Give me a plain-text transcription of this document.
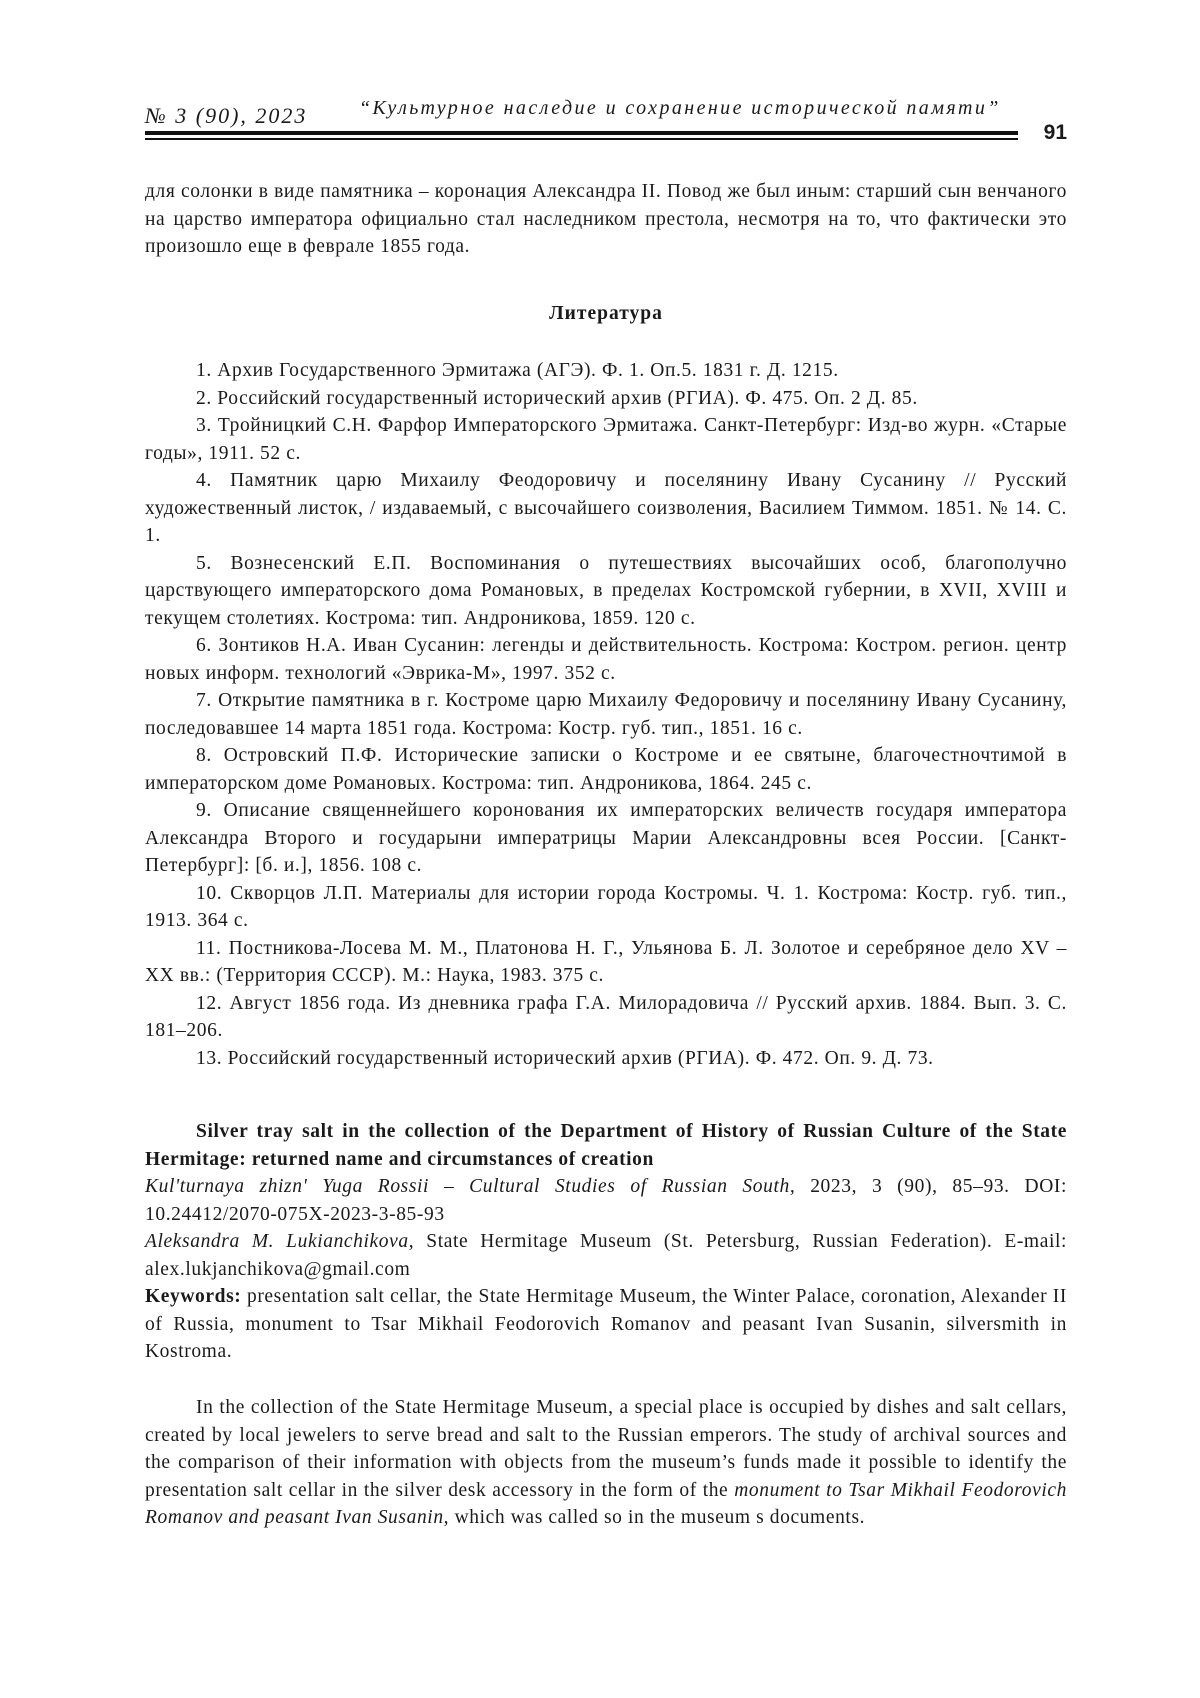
№ 3 (90), 2023	“Культурное наследие и сохранение исторической памяти”
91

для солонки в виде памятника – коронация Александра II. Повод же был иным: старший сын венчаного на царство императора официально стал наследником престола, несмотря на то, что фактически это произошло еще в феврале 1855 года.

Литература

1. Архив Государственного Эрмитажа (АГЭ). Ф. 1. Оп.5. 1831 г. Д. 1215.

2. Российский государственный исторический архив (РГИА). Ф. 475. Оп. 2 Д. 85.

3. Тройницкий С.Н. Фарфор Императорского Эрмитажа. Санкт-Петербург: Изд-во журн. «Старые годы», 1911. 52 с.

4. Памятник царю Михаилу Феодоровичу и поселянину Ивану Сусанину // Русский художественный листок, / издаваемый, с высочайшего соизволения, Василием Тиммом. 1851. № 14. С. 1.

5. Вознесенский Е.П. Воспоминания о путешествиях высочайших особ, благополучно царствующего императорского дома Романовых, в пределах Костромской губернии, в XVII, XVIII и текущем столетиях. Кострома: тип. Андроникова, 1859. 120 с.

6. Зонтиков Н.А. Иван Сусанин: легенды и действительность. Кострома: Костром. регион. центр новых информ. технологий «Эврика-М», 1997. 352 с.

7. Открытие памятника в г. Костроме царю Михаилу Федоровичу и поселянину Ивану Сусанину, последовавшее 14 марта 1851 года. Кострома: Костр. губ. тип., 1851. 16 с.

8. Островский П.Ф. Исторические записки о Костроме и ее святыне, благочестночтимой в императорском доме Романовых. Кострома: тип. Андроникова, 1864. 245 с.

9. Описание священнейшего коронования их императорских величеств государя императора Александра Второго и государыни императрицы Марии Александровны всея России. [Санкт-Петербург]: [б. и.], 1856. 108 с.

10. Скворцов Л.П. Материалы для истории города Костромы. Ч. 1. Кострома: Костр. губ. тип., 1913. 364 с.

11. Постникова-Лосева М. М., Платонова Н. Г., Ульянова Б. Л. Золотое и серебряное дело XV – XX вв.: (Территория СССР). М.: Наука, 1983. 375 с.

12. Август 1856 года. Из дневника графа Г.А. Милорадовича // Русский архив. 1884. Вып. 3. С. 181–206.

13. Российский государственный исторический архив (РГИА). Ф. 472. Оп. 9. Д. 73.

Silver tray salt in the collection of the Department of History of Russian Culture of the State Hermitage: returned name and circumstances of creation

Kul'turnaya zhizn' Yuga Rossii – Cultural Studies of Russian South, 2023, 3 (90), 85–93. DOI: 10.24412/2070-075X-2023-3-85-93

Aleksandra M. Lukianchikova, State Hermitage Museum (St. Petersburg, Russian Federation). E-mail: alex.lukjanchikova@gmail.com

Keywords: presentation salt cellar, the State Hermitage Museum, the Winter Palace, coronation, Alexander II of Russia, monument to Tsar Mikhail Feodorovich Romanov and peasant Ivan Susanin, silversmith in Kostroma.

In the collection of the State Hermitage Museum, a special place is occupied by dishes and salt cellars, created by local jewelers to serve bread and salt to the Russian emperors. The study of archival sources and the comparison of their information with objects from the museum’s funds made it possible to identify the presentation salt cellar in the silver desk accessory in the form of the monument to Tsar Mikhail Feodorovich Romanov and peasant Ivan Susanin, which was called so in the museum s documents.
